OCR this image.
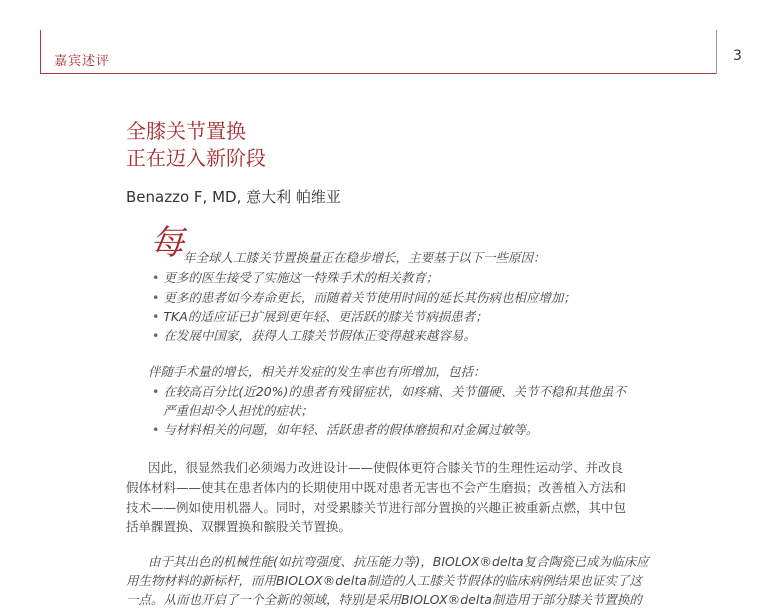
嘉宾述评	3
全膝关节置换
正在迈入新阶段
Benazzo F, MD, 意大利 帕维亚
每 年全球人工膝关节置换量正在稳步增长，主要基于以下一些原因：
• 更多的医生接受了实施这一特殊手术的相关教育；
• 更多的患者如今寿命更长，而随着关节使用时间的延长其伤病也相应增加；
• TKA的适应证已扩展到更年轻、更活跃的膝关节病损患者；
• 在发展中国家，获得人工膝关节假体正变得越来越容易。
伴随手术量的增长，相关并发症的发生率也有所增加，包括：
• 在较高百分比(近20%)的患者有残留症状，如疼痛、关节僵硬、关节不稳和其他虽不
严重但却令人担忧的症状；
• 与材料相关的问题，如年轻、活跃患者的假体磨损和对金属过敏等。
因此，很显然我们必须竭力改进设计——使假体更符合膝关节的生理性运动学、并改良
假体材料——使其在患者体内的长期使用中既对患者无害也不会产生磨损；改善植入方法和
技术——例如使用机器人。同时，对受累膝关节进行部分置换的兴趣正被重新点燃，其中包
括单髁置换、双髁置换和髌股关节置换。
由于其出色的机械性能(如抗弯强度、抗压能力等)，BIOLOX®delta复合陶瓷已成为临床应
用生物材料的新标杆，而用BIOLOX®delta制造的人工膝关节假体的临床病例结果也证实了这
一点。从而也开启了一个全新的领域，特别是采用BIOLOX®delta制造用于部分膝关节置换的
